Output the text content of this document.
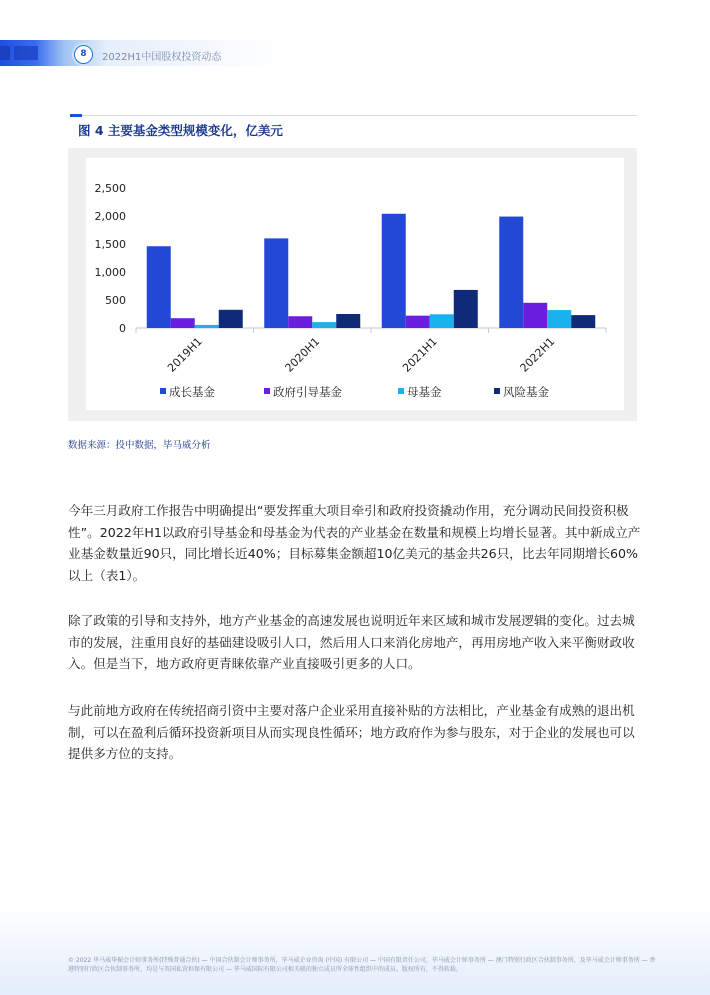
8	2022H1中国股权投资动态
图 4 主要基金类型规模变化，亿美元
0
500
1,000
1,500
2,000
2,500
2019H1	2020H1	2021H1	2022H1
成长基金	政府引导基金	母基金	风险基金
数据来源：投中数据，毕马威分析

今年三月政府工作报告中明确提出“要发挥重大项目牵引和政府投资撬动作用，充分调动民间投资积极性”。2022年H1以政府引导基金和母基金为代表的产业基金在数量和规模上均增长显著。其中新成立产业基金数量近90只，同比增长近40%；目标募集金额超10亿美元的基金共26只，比去年同期增长60%以上（表1）。

除了政策的引导和支持外，地方产业基金的高速发展也说明近年来区域和城市发展逻辑的变化。过去城市的发展，注重用良好的基础建设吸引人口，然后用人口来消化房地产，再用房地产收入来平衡财政收入。但是当下，地方政府更青睐依靠产业直接吸引更多的人口。

与此前地方政府在传统招商引资中主要对落户企业采用直接补贴的方法相比，产业基金有成熟的退出机制，可以在盈利后循环投资新项目从而实现良性循环；地方政府作为参与股东，对于企业的发展也可以提供多方位的支持。

© 2022 毕马威华振会计师事务所(特殊普通合伙) — 中国合伙制会计师事务所，毕马威企业咨询 (中国) 有限公司 — 中国有限责任公司，毕马威会计师事务所 — 澳门特别行政区合伙制事务所，及毕马威会计师事务所 — 香港特别行政区合伙制事务所，均是与英国私营担保有限公司 — 毕马威国际有限公司相关联的独立成员所全球性组织中的成员。版权所有，不得转载。
